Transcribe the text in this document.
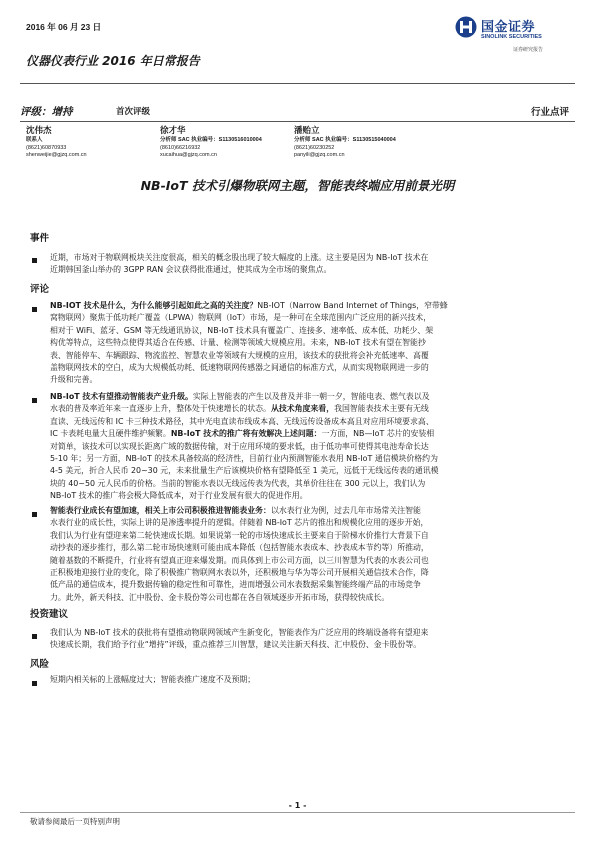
2016 年 06 月 23 日	国金证券
SINOLINK SECURITIES
证券研究报告
仪器仪表行业 2016 年日常报告
评级：增持	首次评级	行业点评
沈伟杰
联系人
(8621)60870933
shenweijie@gjzq.com.cn
徐才华
分析师 SAC 执业编号：S1130516010004
(8610)66216932
xucaihua@gjzq.com.cn
潘贻立
分析师 SAC 执业编号：S1130515040004
(8621)60230252
panyili@gjzq.com.cn
NB-IoT 技术引爆物联网主题，智能表终端应用前景光明
事件
近期，市场对于物联网板块关注度很高，相关的概念股出现了较大幅度的上涨。这主要是因为 NB-IoT 技术在
近期韩国釜山举办的 3GPP RAN 会议获得批准通过，使其成为全市场的聚焦点。
评论
NB-IOT 技术是什么，为什么能够引起如此之高的关注度？NB-IOT（Narrow Band Internet of Things，窄带蜂
窝物联网）聚焦于低功耗广覆盖（LPWA）物联网（IoT）市场，是一种可在全球范围内广泛应用的新兴技术，
相对于 WiFi、蓝牙、GSM 等无线通讯协议，NB-IoT 技术具有覆盖广、连接多、速率低、成本低、功耗少、架
构优等特点，这些特点使得其适合在传感、计量、检测等领域大规模应用。未来，NB-IoT 技术有望在智能抄
表、智能停车、车辆跟踪、物流监控、智慧农业等领域有大规模的应用，该技术的获批将会补充低速率、高覆
盖物联网技术的空白，成为大规模低功耗、低速物联网传感器之间通信的标准方式，从而实现物联网进一步的
升级和完善。
NB-IoT 技术有望推动智能表产业升级。实际上智能表的产生以及普及并非一朝一夕，智能电表、燃气表以及
水表的普及率近年来一直逐步上升，整体处于快速增长的状态。从技术角度来看，我国智能表技术主要有无线
直读、无线远传和 IC 卡三种技术路径，其中光电直读布线成本高、无线远传设备成本高且对应用环境要求高、
IC 卡表耗电量大且硬件维护频繁。NB-IoT 技术的推广将有效解决上述问题：一方面，NB—IoT 芯片的安装相
对简单，该技术可以实现长距离广域的数据传输，对于应用环境的要求低，由于低功率可使得其电池寿命长达
5-10 年；另一方面，NB-IoT 的技术具备较高的经济性，目前行业内预测智能水表用 NB-IoT 通信模块价格约为
4-5 美元，折合人民币 20~30 元，未来批量生产后该模块价格有望降低至 1 美元，远低于无线远传表的通讯模
块的 40~50 元人民币的价格。当前的智能水表以无线远传表为代表，其单价往往在 300 元以上，我们认为
NB-IoT 技术的推广将会极大降低成本，对于行业发展有很大的促进作用。
智能表行业成长有望加速，相关上市公司积极推进智能表业务：以水表行业为例，过去几年市场常关注智能
水表行业的成长性，实际上讲的是渗透率提升的逻辑。伴随着 NB-IoT 芯片的推出和规模化应用的逐步开始，
我们认为行业有望迎来第二轮快速成长期。如果说第一轮的市场快速成长主要来自于阶梯水价推行大背景下自
动抄表的逐步推行，那么第二轮市场快速则可能由成本降低（包括智能水表成本、抄表成本节约等）所推动，
随着基数的不断提升，行业将有望真正迎来爆发期。而具体到上市公司方面，以三川智慧为代表的水表公司也
正积极地迎接行业的变化，除了积极推广物联网水表以外，还积极地与华为等公司开展相关通信技术合作，降
低产品的通信成本，提升数据传输的稳定性和可靠性，进而增强公司水表数据采集智能终端产品的市场竞争
力。此外，新天科技、汇中股份、金卡股份等公司也都在各自领域逐步开拓市场，获得较快成长。
投资建议
我们认为 NB-IoT 技术的获批将有望推动物联网领域产生新变化，智能表作为广泛应用的终端设备将有望迎来
快速成长期，我们给予行业“增持”评级，重点推荐三川智慧，建议关注新天科技、汇中股份、金卡股份等。
风险
短期内相关标的上涨幅度过大；智能表推广速度不及预期；
- 1 -
敬请参阅最后一页特别声明
